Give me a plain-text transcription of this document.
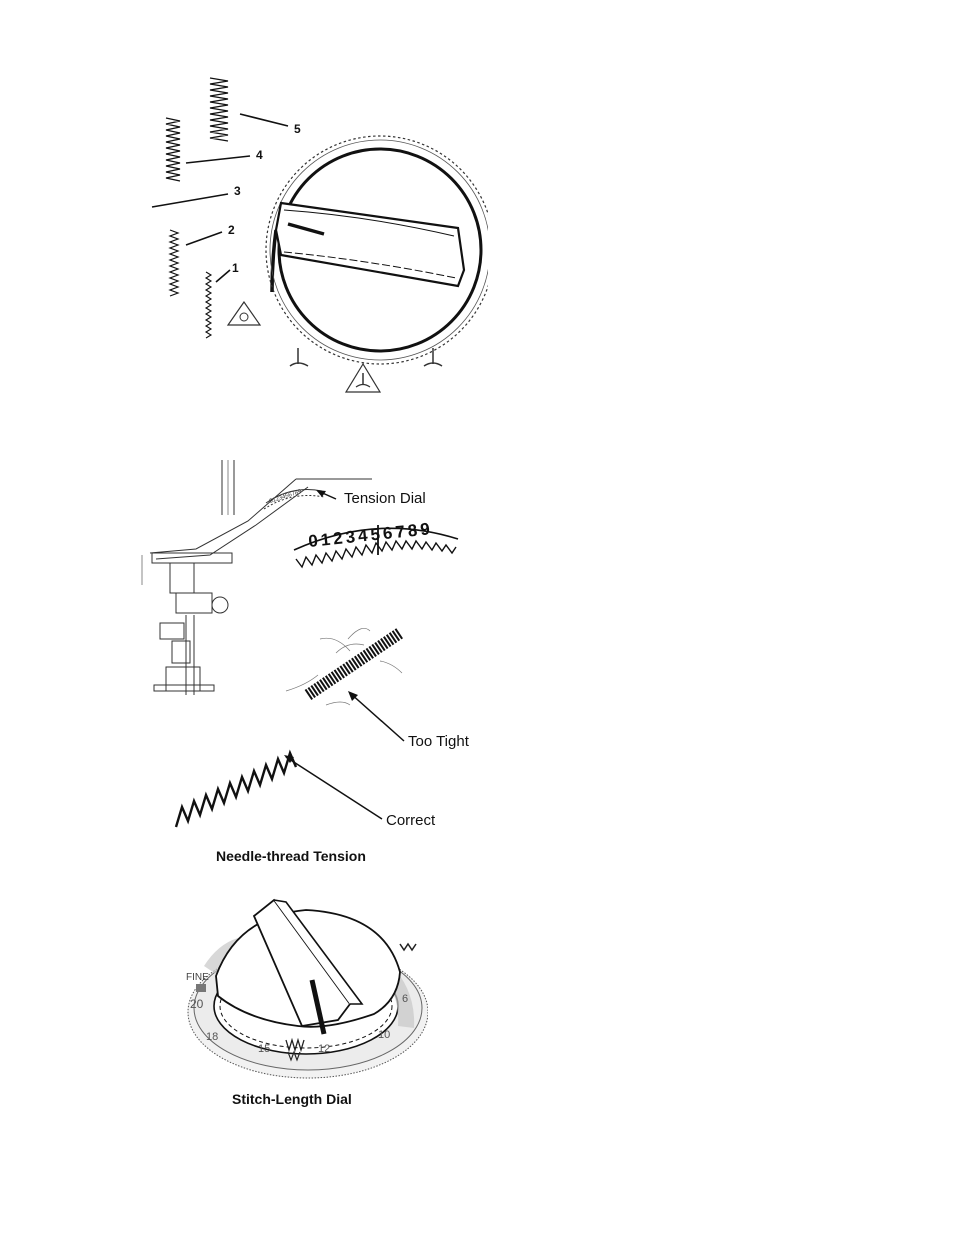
5
4
3
2
1
0123456789
0123456789
Tension Dial
Too Tight
Correct
Needle-thread Tension
FINE
20
18
15	12
10
6
Stitch-Length Dial
